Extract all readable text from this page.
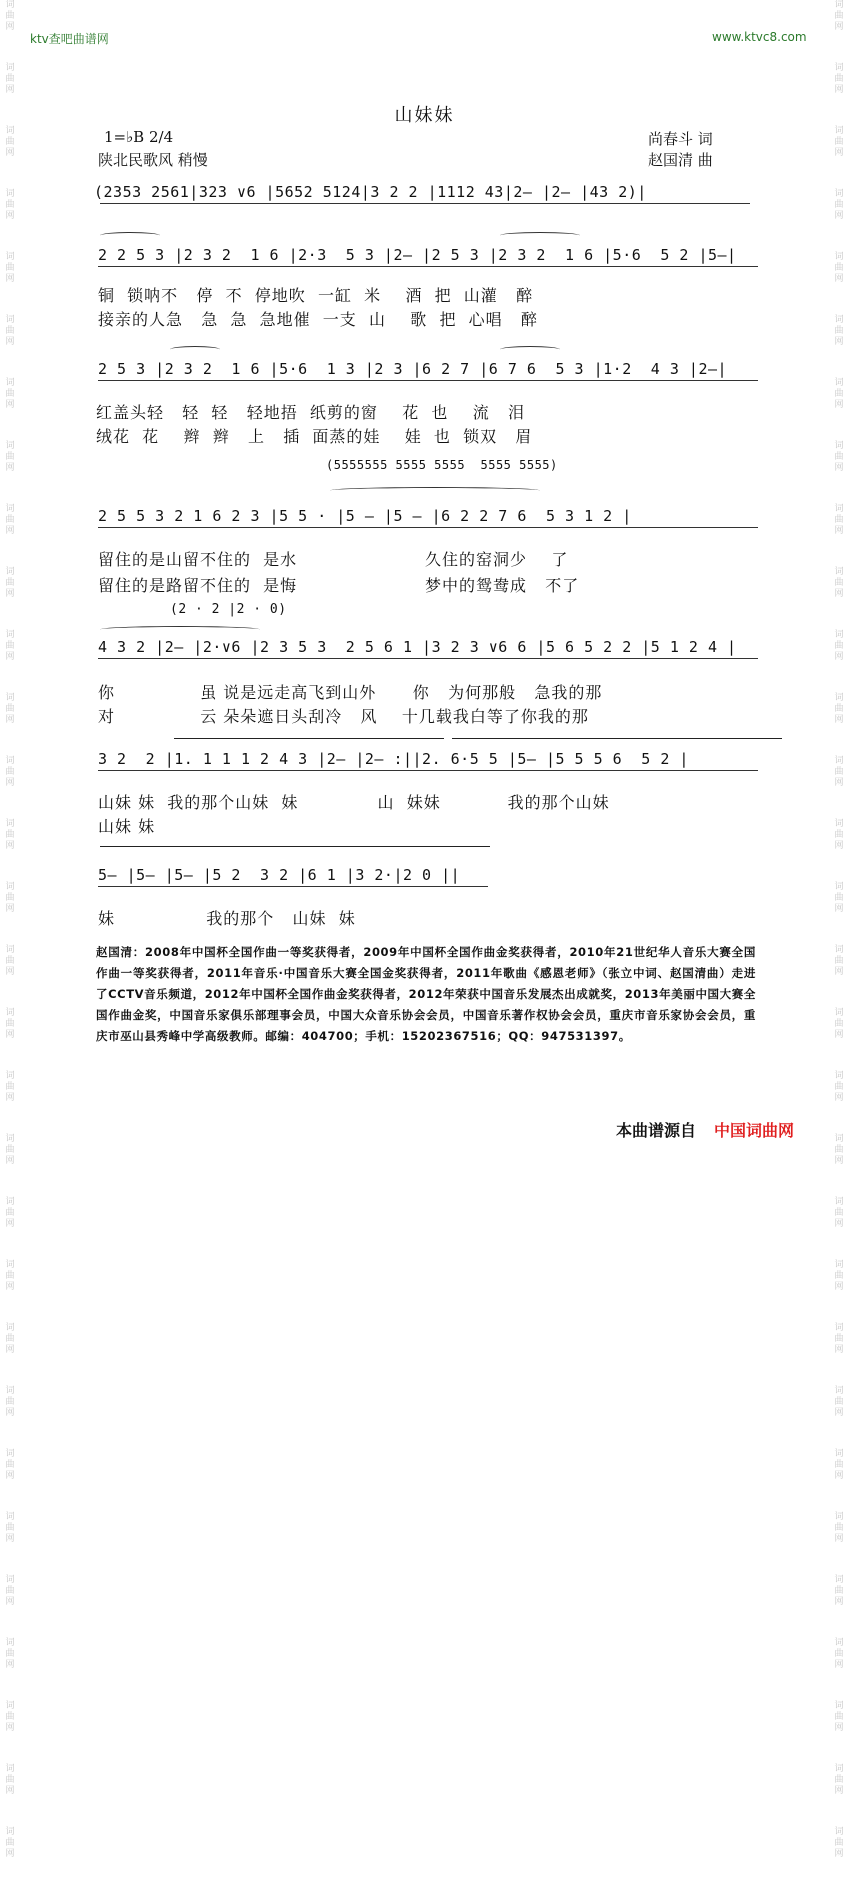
词
曲
网
词
曲
网
词
曲
网
词
曲
网
词
曲
网
词
曲
网
词
曲
网
词
曲
网
词
曲
网
词
曲
网
词
曲
网
词
曲
网
词
曲
网
词
曲
网
词
曲
网
词
曲
网
词
曲
网
词
曲
网
词
曲
网
词
曲
网
词
曲
网
词
曲
网
词
曲
网
词
曲
网
词
曲
网
词
曲
网
词
曲
网
词
曲
网
词
曲
网
词
曲
网
词
曲
网
词
曲
网
词
曲
网
词
曲
网
词
曲
网
词
曲
网
词
曲
网
词
曲
网
词
曲
网
词
曲
网
词
曲
网
词
曲
网
词
曲
网
词
曲
网
词
曲
网
词
曲
网
词
曲
网
词
曲
网
词
曲
网
词
曲
网
词
曲
网
词
曲
网
词
曲
网
词
曲
网
词
曲
网
词
曲
网
词
曲
网
词
曲
网
词
曲
网
词
曲
网
ktv查吧曲谱网	www.ktvc8.com
山妹妹
1=♭B 2/4
陕北民歌风 稍慢
尚春斗 词
赵国清 曲
(2353 2561|323 ∨6 |5652 5124|3 2 2 |1112 43|2— |2— |43 2)|
2 2 5 3 |2 3 2  1 6 |2·3  5 3 |2— |2 5 3 |2 3 2  1 6 |5·6  5 2 |5—|
铜  锁呐不   停  不  停地吹  一缸  米    酒  把  山灌   醉
接亲的人急   急  急  急地催  一支  山    歌  把  心唱   醉
2 5 3 |2 3 2  1 6 |5·6  1 3 |2 3 |6 2 7 |6 7 6  5 3 |1·2  4 3 |2—|
红盖头轻   轻  轻   轻地捂  纸剪的窗    花  也    流   泪
绒花  花    辫  辫   上   插  面蒸的娃    娃  也  锁双   眉
(5555555 5555 5555  5555 5555)
2 5 5 3 2 1 6 2 3 |5 5 · |5 — |5 — |6 2 2 7 6  5 3 1 2 |
留住的是山留不住的  是水                     久住的窑洞少    了
留住的是路留不住的  是悔                     梦中的鸳鸯成   不了
(2 · 2 |2 · 0)
4 3 2 |2— |2·∨6 |2 3 5 3  2 5 6 1 |3 2 3 ∨6 6 |5 6 5 2 2 |5 1 2 4 |
你              虽 说是远走高飞到山外      你   为何那般   急我的那
对              云 朵朵遮日头刮冷   风    十几载我白等了你我的那
3 2  2 |1. 1 1 1 2 4 3 |2— |2— :||2. 6·5 5 |5— |5 5 5 6  5 2 |
山妹 妹  我的那个山妹  妹             山  妹妹           我的那个山妹
山妹 妹
5— |5— |5— |5 2  3 2 |6 1 |3 2·|2 0 ||
妹               我的那个   山妹  妹
赵国清：2008年中国杯全国作曲一等奖获得者，2009年中国杯全国作曲金奖获得者，2010年21世纪华人音乐大赛全国作曲一等奖获得者，2011年音乐·中国音乐大赛全国金奖获得者，2011年歌曲《感恩老师》（张立中词、赵国清曲）走进了CCTV音乐频道，2012年中国杯全国作曲金奖获得者，2012年荣获中国音乐发展杰出成就奖，2013年美丽中国大赛全国作曲金奖，中国音乐家俱乐部理事会员，中国大众音乐协会会员，中国音乐著作权协会会员，重庆市音乐家协会会员，重庆市巫山县秀峰中学高级教师。邮编：404700；手机：15202367516；QQ：947531397。
本曲谱源自 中国词曲网
